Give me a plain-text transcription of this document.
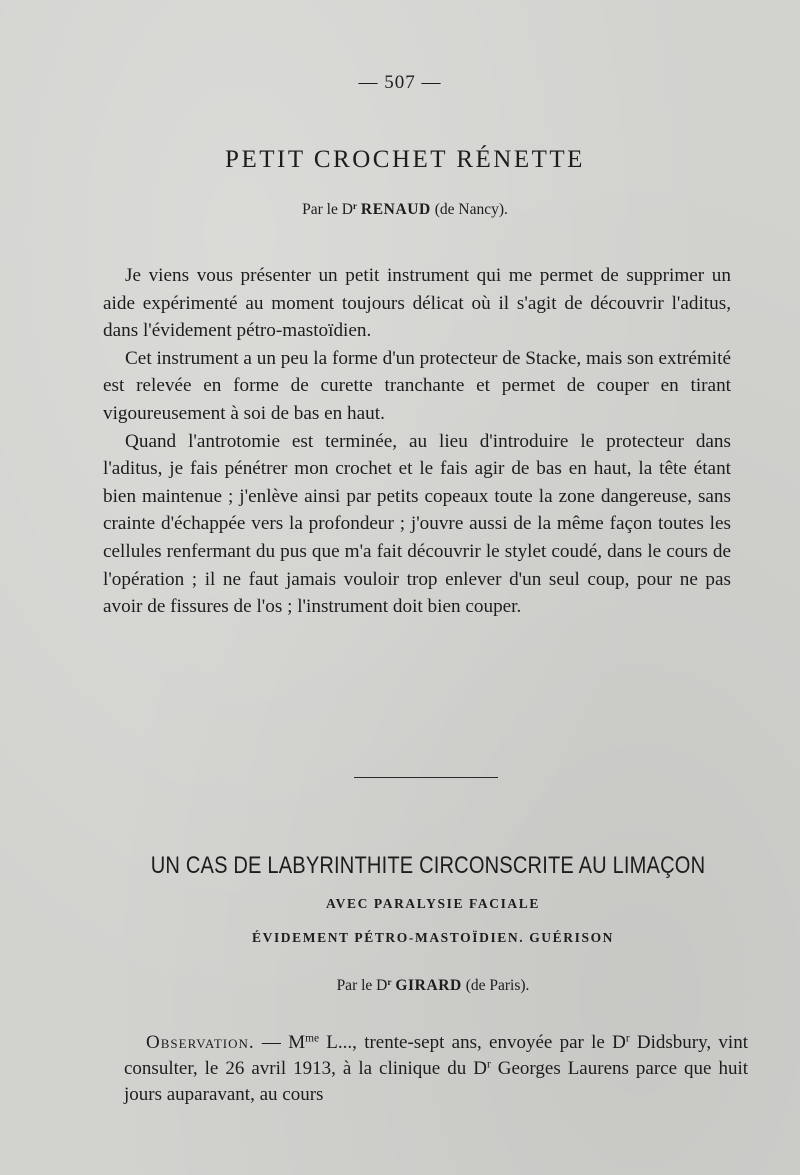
— 507 —
PETIT CROCHET RÉNETTE
Par le $D^r$ RENAUD (de Nancy).

Je viens vous présenter un petit instrument qui me permet de supprimer un aide expérimenté au moment toujours délicat où il s'agit de découvrir l'aditus, dans l'évidement pétro-mastoïdien.

Cet instrument a un peu la forme d'un protecteur de Stacke, mais son extrémité est relevée en forme de curette tranchante et permet de couper en tirant vigoureusement à soi de bas en haut.

Quand l'antrotomie est terminée, au lieu d'introduire le protecteur dans l'aditus, je fais pénétrer mon crochet et le fais agir de bas en haut, la tête étant bien maintenue ; j'enlève ainsi par petits copeaux toute la zone dangereuse, sans crainte d'échappée vers la profondeur ; j'ouvre aussi de la même façon toutes les cellules renfermant du pus que m'a fait découvrir le stylet coudé, dans le cours de l'opération ; il ne faut jamais vouloir trop enlever d'un seul coup, pour ne pas avoir de fissures de l'os ; l'instrument doit bien couper.

UN CAS DE LABYRINTHITE CIRCONSCRITE AU LIMAÇON
AVEC PARALYSIE FACIALE
ÉVIDEMENT PÉTRO-MASTOÏDIEN. GUÉRISON
Par le $D^r$ GIRARD (de Paris).

Observation. — $M^{me}$ L..., trente-sept ans, envoyée par le $D^r$ Didsbury, vint consulter, le 26 avril 1913, à la clinique du $D^r$ Georges Laurens parce que huit jours auparavant, au cours
